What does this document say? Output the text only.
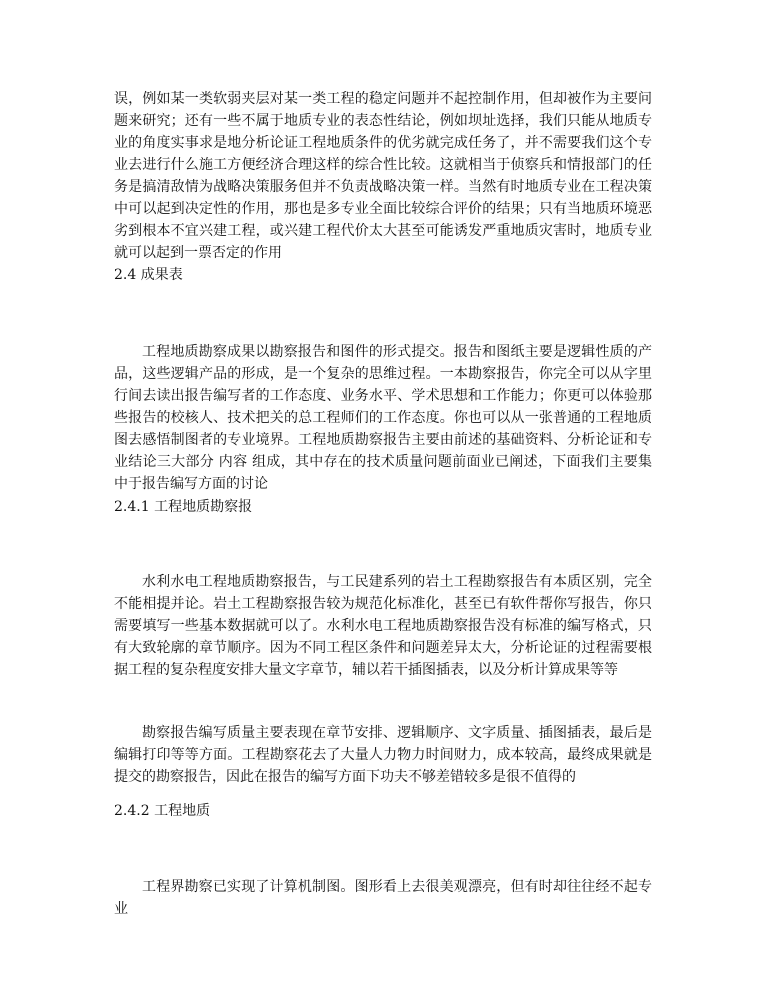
误，例如某一类软弱夹层对某一类工程的稳定问题并不起控制作用，但却被作为主要问题来研究；还有一些不属于地质专业的表态性结论，例如坝址选择，我们只能从地质专业的角度实事求是地分析论证工程地质条件的优劣就完成任务了，并不需要我们这个专业去进行什么施工方便经济合理这样的综合性比较。这就相当于侦察兵和情报部门的任务是搞清敌情为战略决策服务但并不负责战略决策一样。当然有时地质专业在工程决策中可以起到决定性的作用，那也是多专业全面比较综合评价的结果；只有当地质环境恶劣到根本不宜兴建工程，或兴建工程代价太大甚至可能诱发严重地质灾害时，地质专业就可以起到一票否定的作用

2.4 成果表

工程地质勘察成果以勘察报告和图件的形式提交。报告和图纸主要是逻辑性质的产品，这些逻辑产品的形成，是一个复杂的思维过程。一本勘察报告，你完全可以从字里行间去读出报告编写者的工作态度、业务水平、学术思想和工作能力；你更可以体验那些报告的校核人、技术把关的总工程师们的工作态度。你也可以从一张普通的工程地质图去感悟制图者的专业境界。工程地质勘察报告主要由前述的基础资料、分析论证和专业结论三大部分 内容 组成，其中存在的技术质量问题前面业已阐述，下面我们主要集中于报告编写方面的讨论

2.4.1 工程地质勘察报

水利水电工程地质勘察报告，与工民建系列的岩土工程勘察报告有本质区别，完全不能相提并论。岩土工程勘察报告较为规范化标准化，甚至已有软件帮你写报告，你只需要填写一些基本数据就可以了。水利水电工程地质勘察报告没有标准的编写格式，只有大致轮廓的章节顺序。因为不同工程区条件和问题差异太大，分析论证的过程需要根据工程的复杂程度安排大量文字章节，辅以若干插图插表，以及分析计算成果等等

勘察报告编写质量主要表现在章节安排、逻辑顺序、文字质量、插图插表，最后是编辑打印等等方面。工程勘察花去了大量人力物力时间财力，成本较高，最终成果就是提交的勘察报告，因此在报告的编写方面下功夫不够差错较多是很不值得的

2.4.2 工程地质

工程界勘察已实现了计算机制图。图形看上去很美观漂亮，但有时却往往经不起专业
